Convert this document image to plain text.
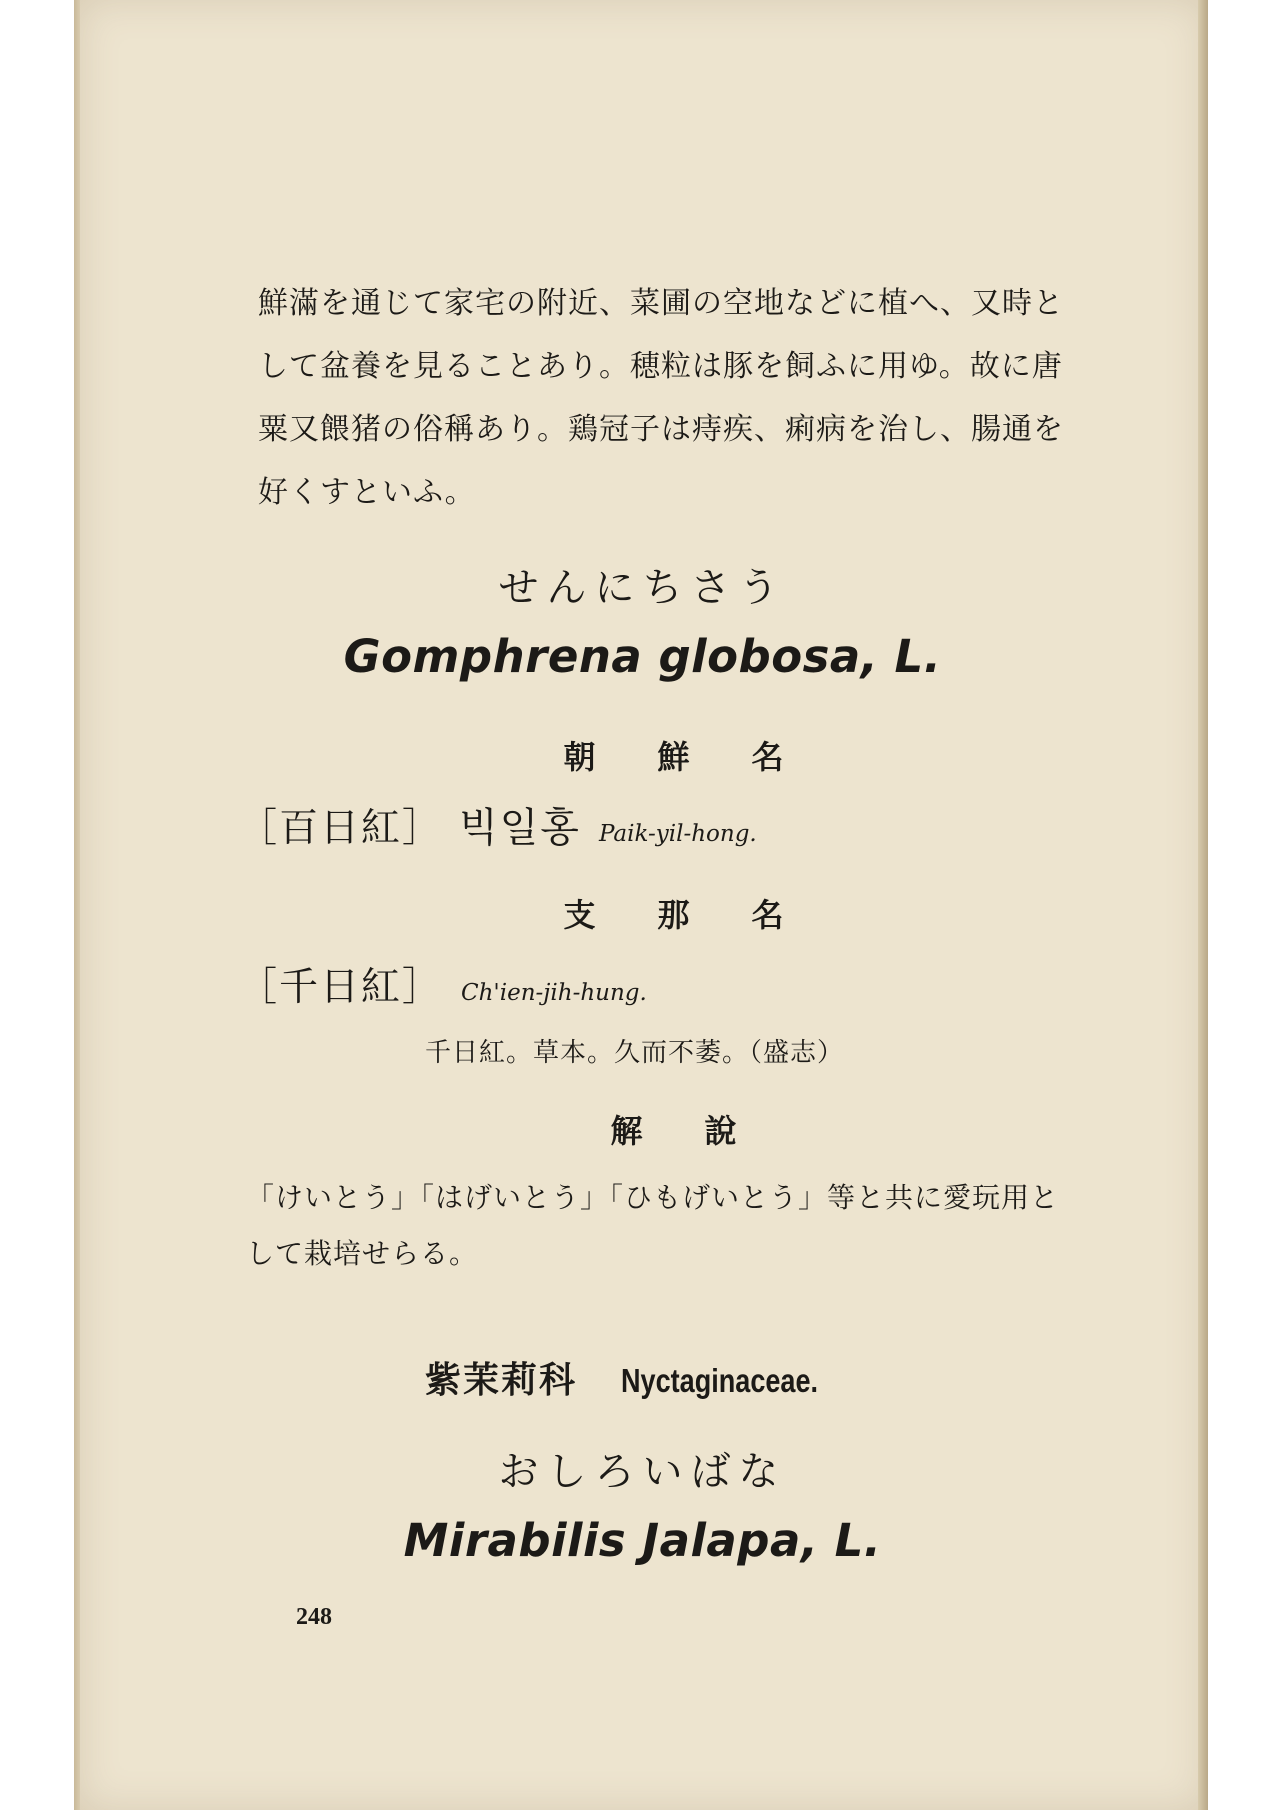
鮮滿を通じて家宅の附近、菜圃の空地などに植へ、又時として盆養を見ることあり。穂粒は豚を飼ふに用ゆ。故に唐粟又餵猪の俗稱あり。鶏冠子は痔疾、痢病を治し、腸通を好くすといふ。

せんにちさう

Gomphrena globosa, L.

朝鮮名

［百日紅］ 빅일홍 Paik-yil-hong.

支那名

［千日紅］ Ch'ien-jih-hung.

千日紅。草本。久而不萎。（盛志）

解說

「けいとう」「はげいとう」「ひもげいとう」等と共に愛玩用として栽培せらる。

紫茉莉科 Nyctaginaceae.

おしろいばな

Mirabilis Jalapa, L.

248
